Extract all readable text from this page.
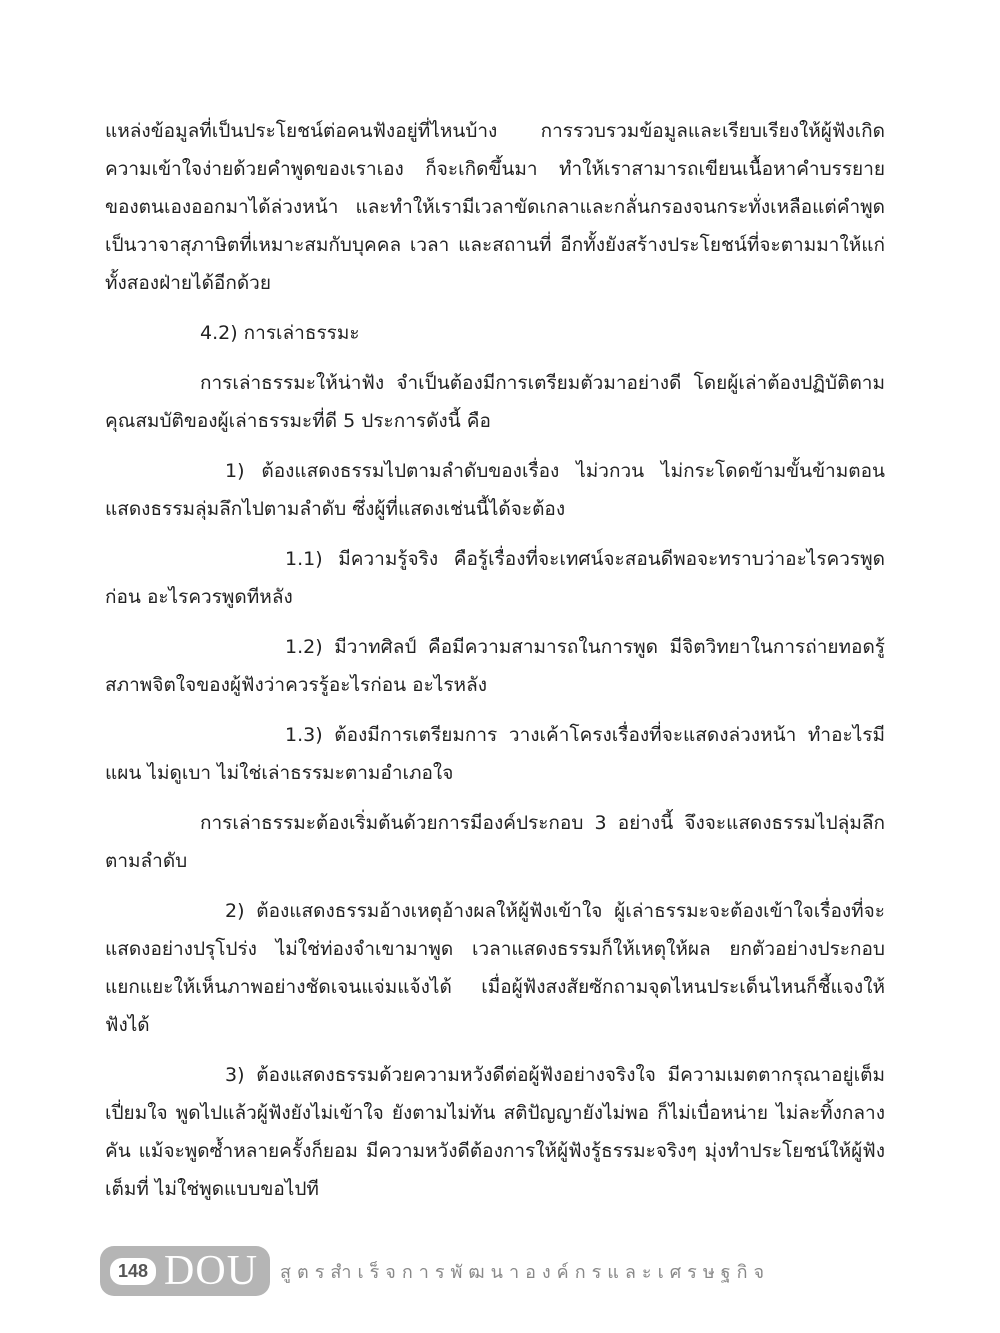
แหล่งข้อมูลที่เป็นประโยชน์ต่อคนฟังอยู่ที่ไหนบ้าง การรวบรวมข้อมูลและเรียบเรียงให้ผู้ฟังเกิดความเข้าใจง่ายด้วยคำพูดของเราเอง ก็จะเกิดขึ้นมา ทำให้เราสามารถเขียนเนื้อหาคำบรรยายของตนเองออกมาได้ล่วงหน้า และทำให้เรามีเวลาขัดเกลาและกลั่นกรองจนกระทั่งเหลือแต่คำพูดเป็นวาจาสุภาษิตที่เหมาะสมกับบุคคล เวลา และสถานที่ อีกทั้งยังสร้างประโยชน์ที่จะตามมาให้แก่ทั้งสองฝ่ายได้อีกด้วย

4.2) การเล่าธรรมะ

การเล่าธรรมะให้น่าฟัง จำเป็นต้องมีการเตรียมตัวมาอย่างดี โดยผู้เล่าต้องปฏิบัติตามคุณสมบัติของผู้เล่าธรรมะที่ดี 5 ประการดังนี้ คือ

1) ต้องแสดงธรรมไปตามลำดับของเรื่อง ไม่วกวน ไม่กระโดดข้ามขั้นข้ามตอน แสดงธรรมลุ่มลึกไปตามลำดับ ซึ่งผู้ที่แสดงเช่นนี้ได้จะต้อง

1.1) มีความรู้จริง คือรู้เรื่องที่จะเทศน์จะสอนดีพอจะทราบว่าอะไรควรพูดก่อน อะไรควรพูดทีหลัง

1.2) มีวาทศิลป์ คือมีความสามารถในการพูด มีจิตวิทยาในการถ่ายทอดรู้สภาพจิตใจของผู้ฟังว่าควรรู้อะไรก่อน อะไรหลัง

1.3) ต้องมีการเตรียมการ วางเค้าโครงเรื่องที่จะแสดงล่วงหน้า ทำอะไรมีแผน ไม่ดูเบา ไม่ใช่เล่าธรรมะตามอำเภอใจ

การเล่าธรรมะต้องเริ่มต้นด้วยการมีองค์ประกอบ 3 อย่างนี้ จึงจะแสดงธรรมไปลุ่มลึกตามลำดับ

2) ต้องแสดงธรรมอ้างเหตุอ้างผลให้ผู้ฟังเข้าใจ ผู้เล่าธรรมะจะต้องเข้าใจเรื่องที่จะแสดงอย่างปรุโปร่ง ไม่ใช่ท่องจำเขามาพูด เวลาแสดงธรรมก็ให้เหตุให้ผล ยกตัวอย่างประกอบแยกแยะให้เห็นภาพอย่างชัดเจนแจ่มแจ้งได้ เมื่อผู้ฟังสงสัยซักถามจุดไหนประเด็นไหนก็ชี้แจงให้ฟังได้

3) ต้องแสดงธรรมด้วยความหวังดีต่อผู้ฟังอย่างจริงใจ มีความเมตตากรุณาอยู่เต็มเปี่ยมใจ พูดไปแล้วผู้ฟังยังไม่เข้าใจ ยังตามไม่ทัน สติปัญญายังไม่พอ ก็ไม่เบื่อหน่าย ไม่ละทิ้งกลางคัน แม้จะพูดซ้ำหลายครั้งก็ยอม มีความหวังดีต้องการให้ผู้ฟังรู้ธรรมะจริงๆ มุ่งทำประโยชน์ให้ผู้ฟังเต็มที่ ไม่ใช่พูดแบบขอไปที

148 DOU สูตรสำเร็จการพัฒนาองค์กรและเศรษฐกิจ
